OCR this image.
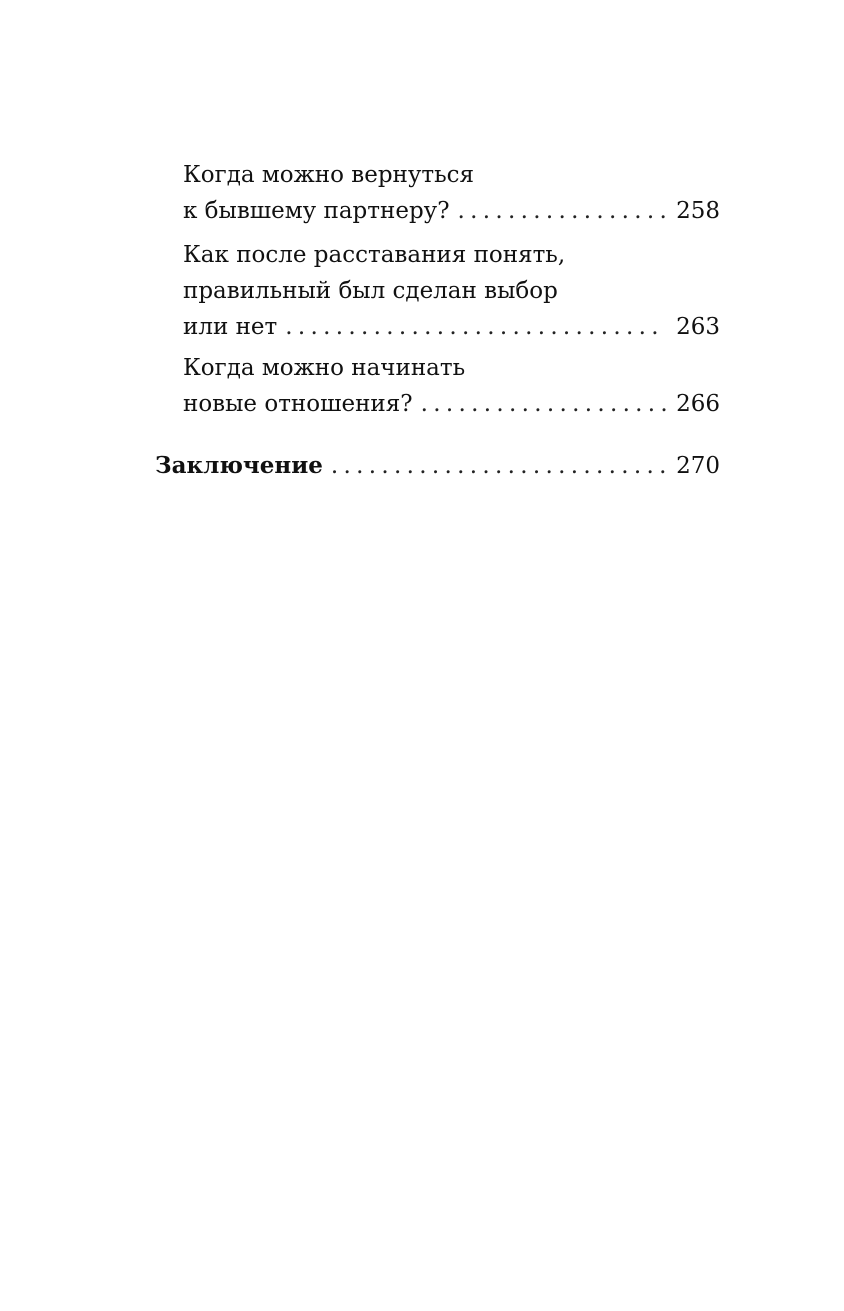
Когда можно вернуться
к бывшему партнеру? . . .	258
Как после расставания понять,
правильный был сделан выбор
или нет . . .	263
Когда можно начинать
новые отношения? . . .	266
Заключение . . .	270
